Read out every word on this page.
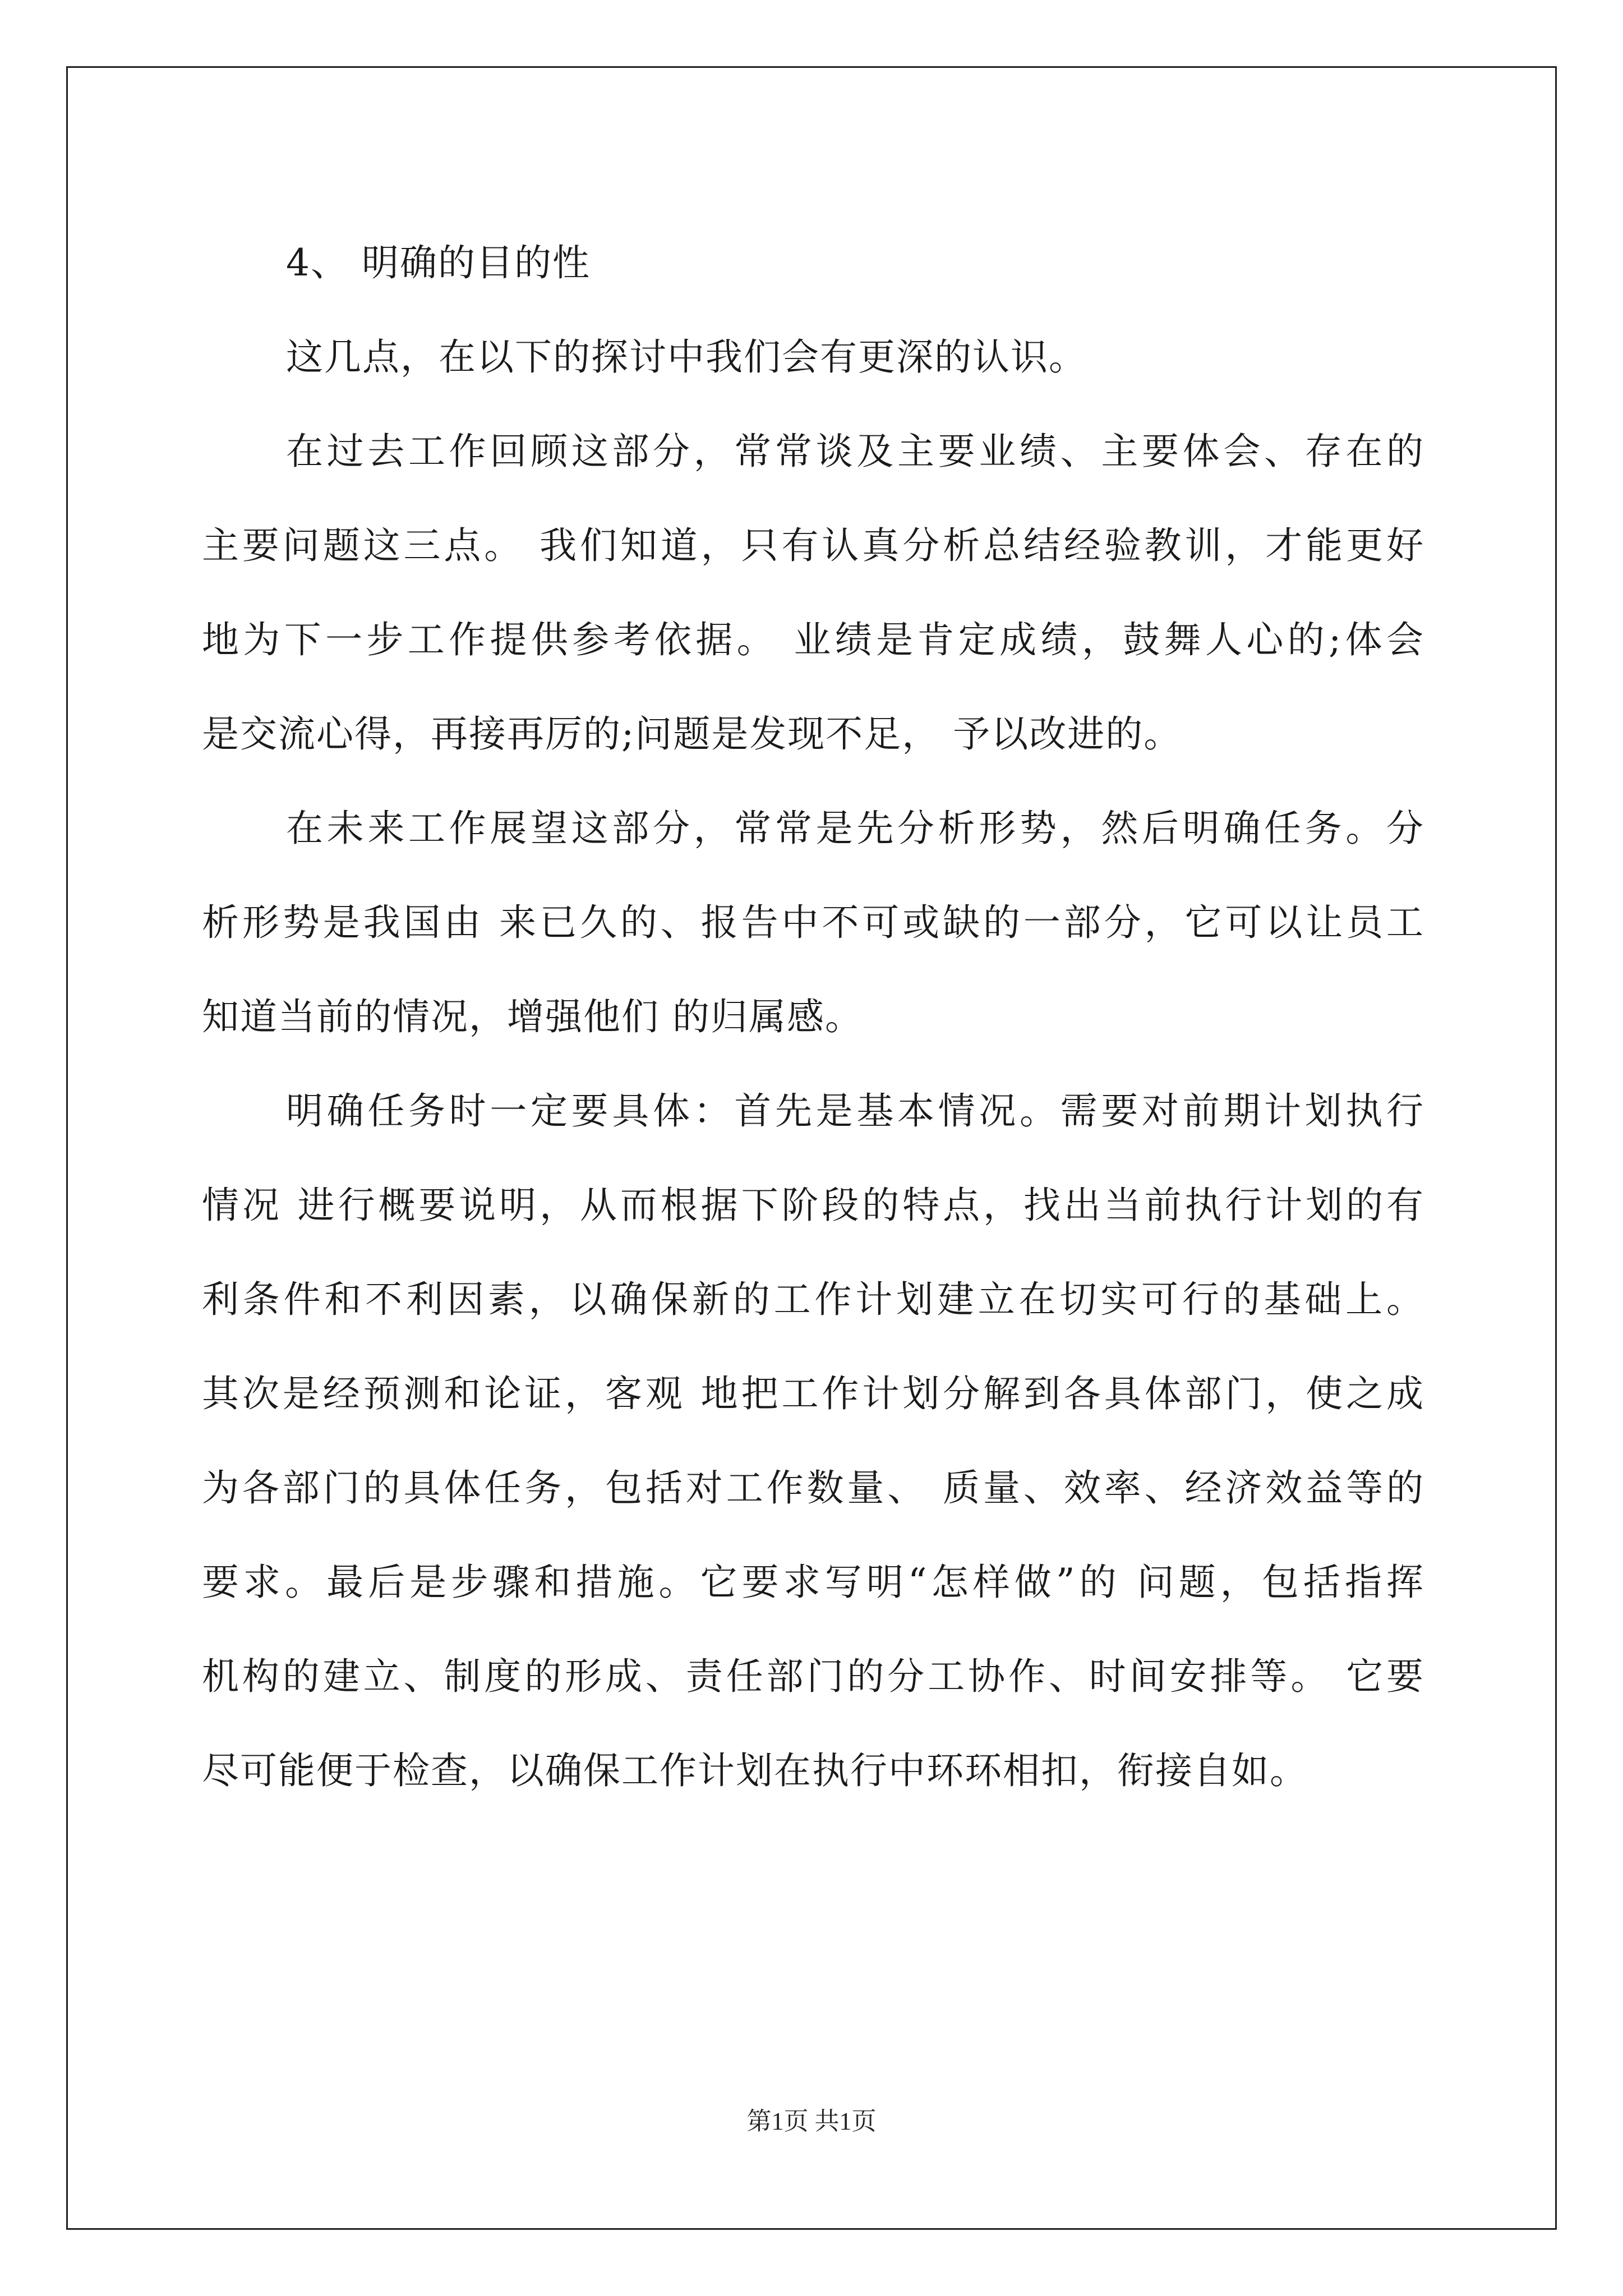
4、 明确的目的性
这几点，在以下的探讨中我们会有更深的认识。
在过去工作回顾这部分，常常谈及主要业绩、主要体会、存在的
主要问题这三点。 我们知道，只有认真分析总结经验教训，才能更好
地为下一步工作提供参考依据。 业绩是肯定成绩，鼓舞人心的;体会
是交流心得，再接再厉的;问题是发现不足， 予以改进的。
在未来工作展望这部分，常常是先分析形势，然后明确任务。分
析形势是我国由 来已久的、报告中不可或缺的一部分，它可以让员工
知道当前的情况，增强他们 的归属感。
明确任务时一定要具体：首先是基本情况。需要对前期计划执行
情况 进行概要说明，从而根据下阶段的特点，找出当前执行计划的有
利条件和不利因素，以确保新的工作计划建立在切实可行的基础上。
其次是经预测和论证，客观 地把工作计划分解到各具体部门，使之成
为各部门的具体任务，包括对工作数量、 质量、效率、经济效益等的
要求。最后是步骤和措施。它要求写明“怎样做”的 问题，包括指挥
机构的建立、制度的形成、责任部门的分工协作、时间安排等。 它要
尽可能便于检查，以确保工作计划在执行中环环相扣，衔接自如。
第1页 共1页
